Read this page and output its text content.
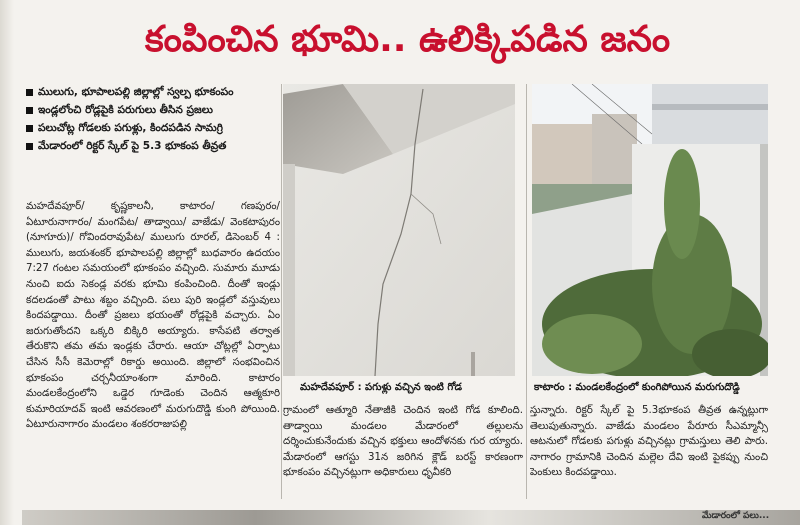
కంపించిన భూమి.. ఉలిక్కిపడిన జనం
ములుగు, భూపాలపల్లి జిల్లాల్లో స్వల్ప భూకంపం
ఇండ్లలోంచి రోడ్లపైకి పరుగులు తీసిన ప్రజలు
పలుచోట్ల గోడలకు పగుళ్లు, కిందపడిన సామగ్రి
మేడారంలో రిక్టర్ స్కేల్ పై 5.3 భూకంప తీవ్రత
మహదేవపూర్/ కృష్ణకాలనీ, కాటారం/ గణపురం/ ఏటూరునాగారం/ మంగపేట/ తాడ్వాయి/ వాజేడు/ వెంకటాపురం (నూగూరు)/ గోవిందరావుపేట/ ములుగు రూరల్, డిసెంబర్ 4 : ములుగు, జయశంకర్ భూపాలపల్లి జిల్లాల్లో బుధవారం ఉదయం 7:27 గంటల సమయంలో భూకంపం వచ్చింది. సుమారు మూడు నుంచి ఐదు సెకండ్ల వరకు భూమి కంపించింది. దీంతో ఇండ్లు కదలడంతో పాటు శబ్దం వచ్చింది. పలు పురి ఇండ్లలో వస్తువులు కిందపడ్డాయి. దీంతో ప్రజలు భయంతో రోడ్లపైకి వచ్చారు. ఏం జరుగుతోందని ఒక్కరి బిక్కిరి అయ్యారు. కాసేపటి తర్వాత తేరుకొని తమ తమ ఇండ్లకు చేరారు. ఆయా చోట్లల్లో ఏర్పాటు చేసిన సీసీ కెమెరాల్లో రికార్డు అయింది. జిల్లాలో సంభవించిన భూకంపం చర్చనీయాంశంగా మారింది. కాటారం మండలకేంద్రంలోని ఒడ్డెర గూడెంకు చెందిన ఆత్మకూరి కుమారియాదవ్ ఇంటి ఆవరణంలో మరుగుదొడ్డి కుంగి పోయింది. ఏటూరునాగారం మండలం శంకరరాజుపల్లి
మహదేవపూర్ : పగుళ్లు వచ్చిన ఇంటి గోడ	కాటారం : మండలకేంద్రంలో కుంగిపోయిన మరుగుదొడ్డి
గ్రామంలో ఆత్మూరి నేతాజీకి చెందిన ఇంటి గోడ కూలింది. తాడ్వాయి మండలం మేడారంలో తల్లులను దర్శించుకునేందుకు వచ్చిన భక్తులు ఆందోళనకు గుర య్యారు. మేడారంలో ఆగస్టు 31న జరిగిన క్లౌడ్ బరస్ట్ కారణంగా భూకంపం వచ్చినట్లుగా అధికారులు ధృవీకరి
స్తున్నారు. రిక్టర్ స్కేల్ పై 5.3భూకంప తీవ్రత ఉన్నట్లుగా తెలుపుతున్నారు. వాజేడు మండలం పేరూరు సీఎమ్మాన్సీ ఆటనులో గోడలకు పగుళ్లు వచ్చినట్లు గ్రామస్తులు తెలి పారు. నాగారం గ్రామానికి చెందిన మల్లెల దేవి ఇంటి పైకప్పు నుంచి పెంకులు కిందపడ్డాయి.
మేడారంలో పలు...
